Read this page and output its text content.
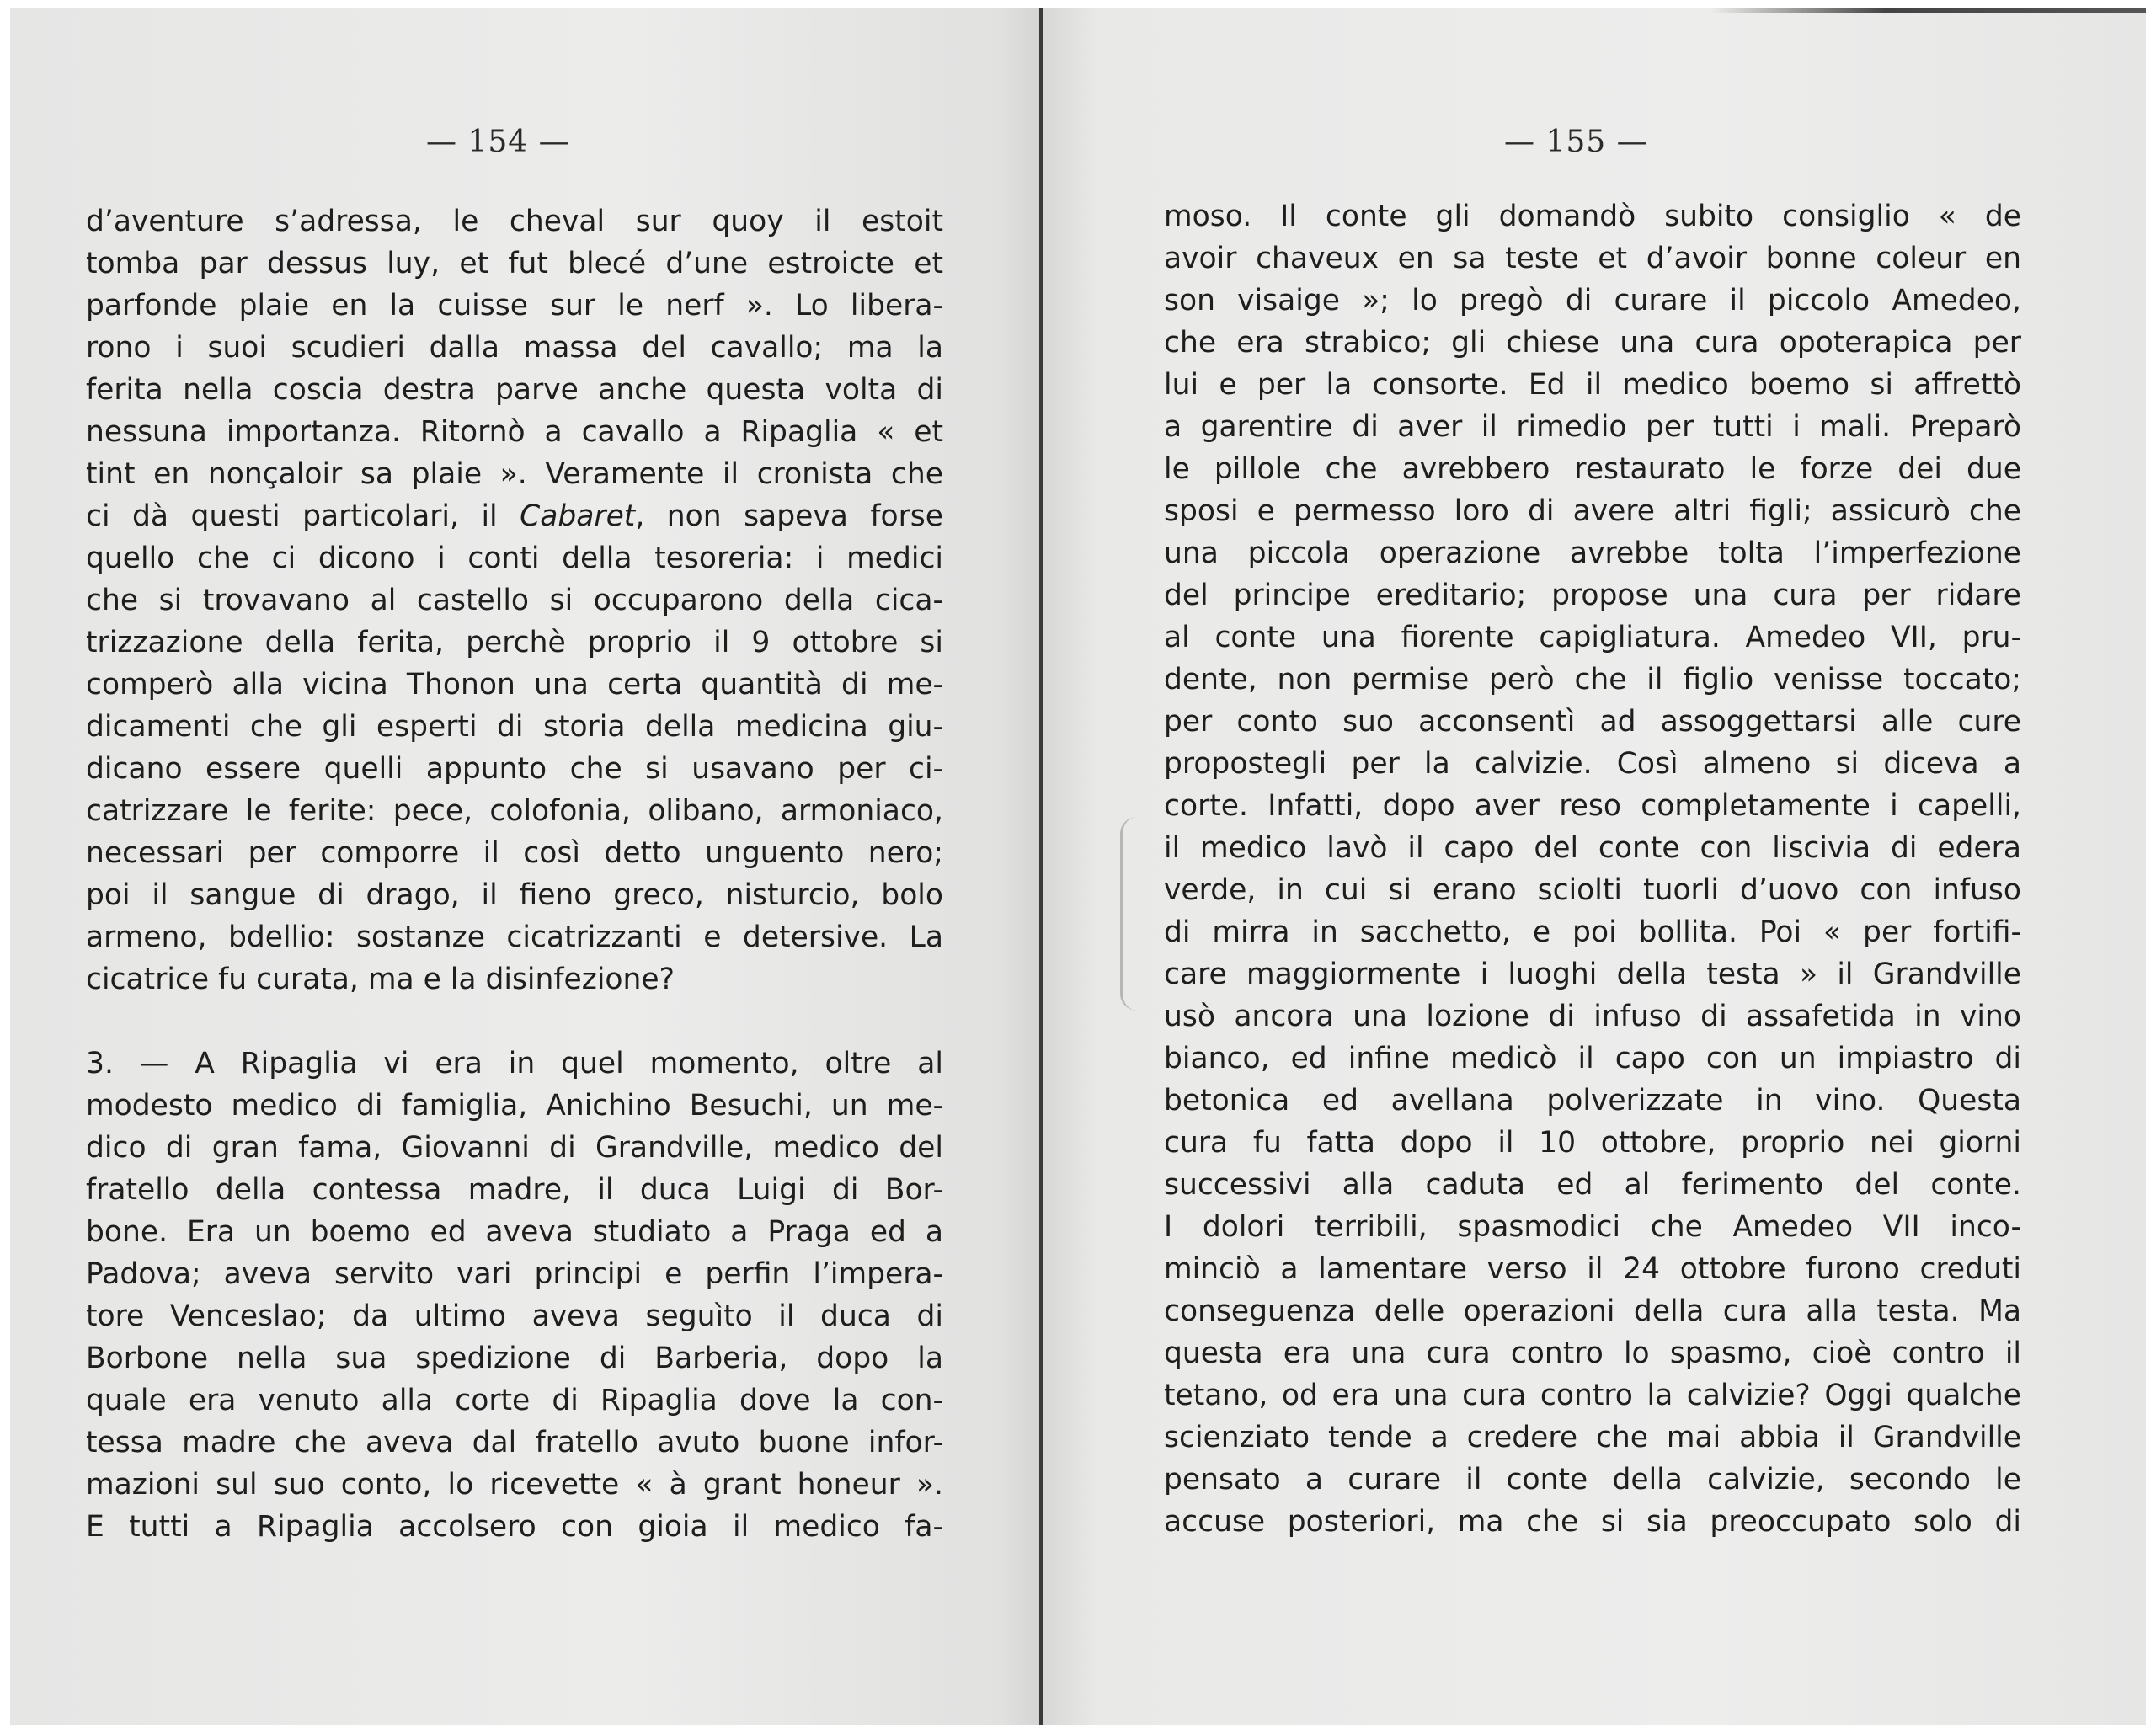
— 154 —
d’aventure s’adressa, le cheval sur quoy il estoit
tomba par dessus luy, et fut blecé d’une estroicte et
parfonde plaie en la cuisse sur le nerf ». Lo libera-
rono i suoi scudieri dalla massa del cavallo; ma la
ferita nella coscia destra parve anche questa volta di
nessuna importanza. Ritornò a cavallo a Ripaglia « et
tint en nonçaloir sa plaie ». Veramente il cronista che
ci dà questi particolari, il Cabaret, non sapeva forse
quello che ci dicono i conti della tesoreria: i medici
che si trovavano al castello si occuparono della cica-
trizzazione della ferita, perchè proprio il 9 ottobre si
comperò alla vicina Thonon una certa quantità di me-
dicamenti che gli esperti di storia della medicina giu-
dicano essere quelli appunto che si usavano per ci-
catrizzare le ferite: pece, colofonia, olibano, armoniaco,
necessari per comporre il così detto unguento nero;
poi il sangue di drago, il fieno greco, nisturcio, bolo
armeno, bdellio: sostanze cicatrizzanti e detersive. La
cicatrice fu curata, ma e la disinfezione?
3. — A Ripaglia vi era in quel momento, oltre al
modesto medico di famiglia, Anichino Besuchi, un me-
dico di gran fama, Giovanni di Grandville, medico del
fratello della contessa madre, il duca Luigi di Bor-
bone. Era un boemo ed aveva studiato a Praga ed a
Padova; aveva servito vari principi e perfin l’impera-
tore Venceslao; da ultimo aveva seguìto il duca di
Borbone nella sua spedizione di Barberia, dopo la
quale era venuto alla corte di Ripaglia dove la con-
tessa madre che aveva dal fratello avuto buone infor-
mazioni sul suo conto, lo ricevette « à grant honeur ».
E tutti a Ripaglia accolsero con gioia il medico fa-
— 155 —
moso. Il conte gli domandò subito consiglio « de
avoir chaveux en sa teste et d’avoir bonne coleur en
son visaige »; lo pregò di curare il piccolo Amedeo,
che era strabico; gli chiese una cura opoterapica per
lui e per la consorte. Ed il medico boemo si affrettò
a garentire di aver il rimedio per tutti i mali. Preparò
le pillole che avrebbero restaurato le forze dei due
sposi e permesso loro di avere altri figli; assicurò che
una piccola operazione avrebbe tolta l’imperfezione
del principe ereditario; propose una cura per ridare
al conte una fiorente capigliatura. Amedeo VII, pru-
dente, non permise però che il figlio venisse toccato;
per conto suo acconsentì ad assoggettarsi alle cure
propostegli per la calvizie. Così almeno si diceva a
corte. Infatti, dopo aver reso completamente i capelli,
il medico lavò il capo del conte con liscivia di edera
verde, in cui si erano sciolti tuorli d’uovo con infuso
di mirra in sacchetto, e poi bollita. Poi « per fortifi-
care maggiormente i luoghi della testa » il Grandville
usò ancora una lozione di infuso di assafetida in vino
bianco, ed infine medicò il capo con un impiastro di
betonica ed avellana polverizzate in vino. Questa
cura fu fatta dopo il 10 ottobre, proprio nei giorni
successivi alla caduta ed al ferimento del conte.
I dolori terribili, spasmodici che Amedeo VII inco-
minciò a lamentare verso il 24 ottobre furono creduti
conseguenza delle operazioni della cura alla testa. Ma
questa era una cura contro lo spasmo, cioè contro il
tetano, od era una cura contro la calvizie? Oggi qualche
scienziato tende a credere che mai abbia il Grandville
pensato a curare il conte della calvizie, secondo le
accuse posteriori, ma che si sia preoccupato solo di
